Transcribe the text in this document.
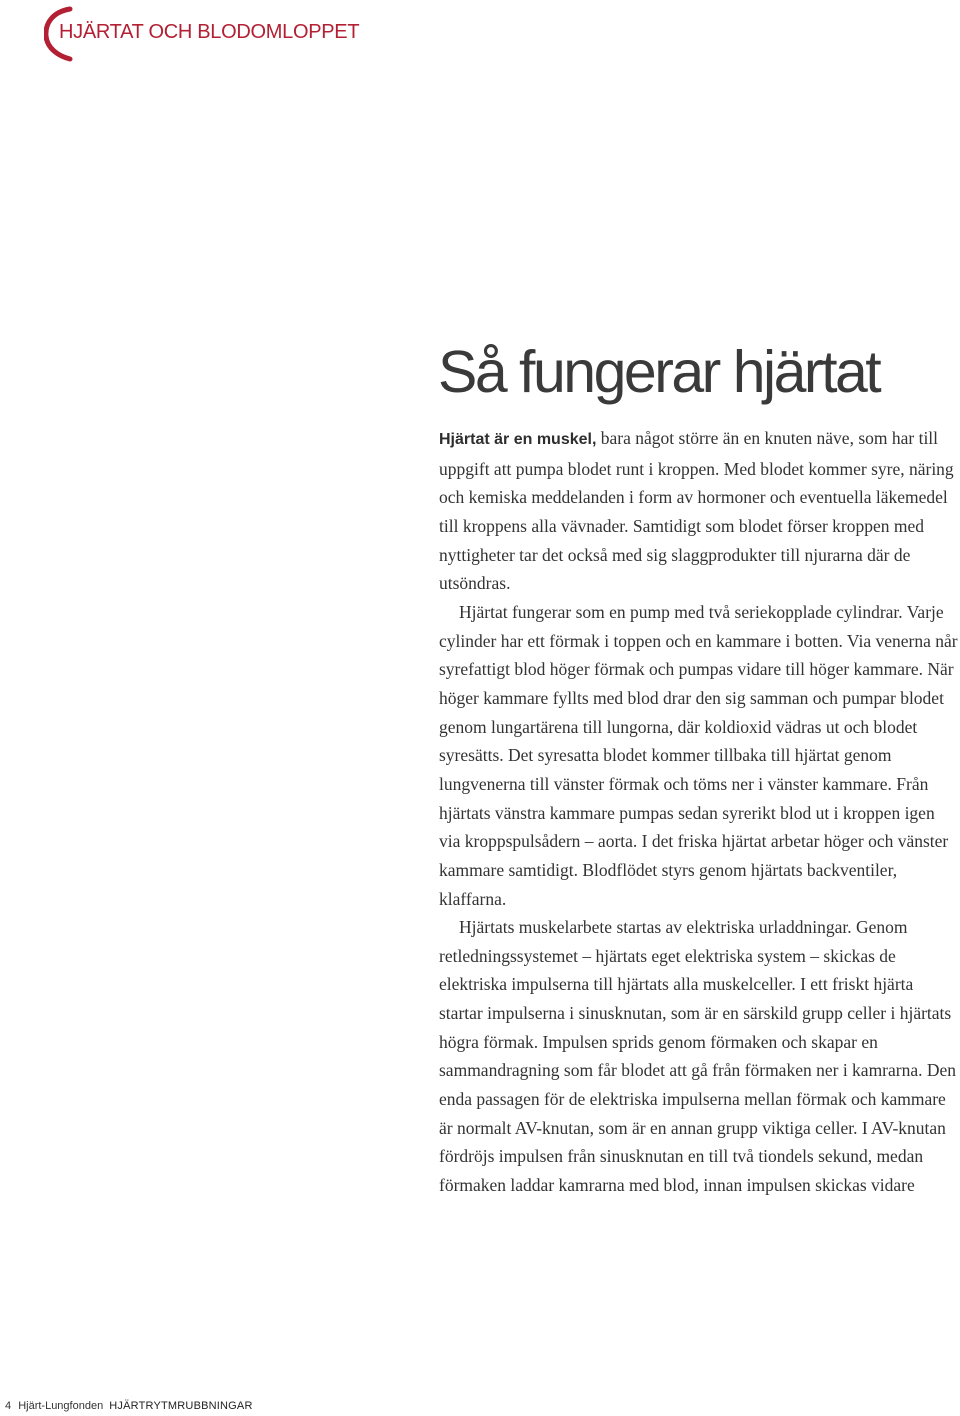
HJÄRTAT OCH BLODOMLOPPET
Så fungerar hjärtat

Hjärtat är en muskel, bara något större än en knuten näve, som har till uppgift att pumpa blodet runt i kroppen. Med blodet kommer syre, näring och kemiska meddelanden i form av hormoner och eventuella läkemedel till kroppens alla vävnader. Samtidigt som blodet förser kroppen med nyttigheter tar det också med sig slaggprodukter till njurarna där de utsöndras.

Hjärtat fungerar som en pump med två seriekopplade cylindrar. Varje cylinder har ett förmak i toppen och en kammare i botten. Via venerna når syrefattigt blod höger förmak och pumpas vidare till höger kammare. När höger kammare fyllts med blod drar den sig samman och pumpar blodet genom lungartärena till lungorna, där koldioxid vädras ut och blodet syresätts. Det syresatta blodet kommer tillbaka till hjärtat genom lungvenerna till vänster förmak och töms ner i vänster kammare. Från hjärtats vänstra kammare pumpas sedan syrerikt blod ut i kroppen igen via kroppspulsådern – aorta. I det friska hjärtat arbetar höger och vänster kammare samtidigt. Blodflödet styrs genom hjärtats backventiler, klaffarna.

Hjärtats muskelarbete startas av elektriska urladdningar. Genom retledningssystemet – hjärtats eget elektriska system – skickas de elektriska impulserna till hjärtats alla muskelceller. I ett friskt hjärta startar impulserna i sinusknutan, som är en särskild grupp celler i hjärtats högra förmak. Impulsen sprids genom förmaken och skapar en sammandragning som får blodet att gå från förmaken ner i kamrarna. Den enda passagen för de elektriska impulserna mellan förmak och kammare är normalt AV-knutan, som är en annan grupp viktiga celler. I AV-knutan fördröjs impulsen från sinusknutan en till två tiondels sekund, medan förmaken laddar kamrarna med blod, innan impulsen skickas vidare

4 Hjärt-Lungfonden HJÄRTRYTMRUBBNINGAR
